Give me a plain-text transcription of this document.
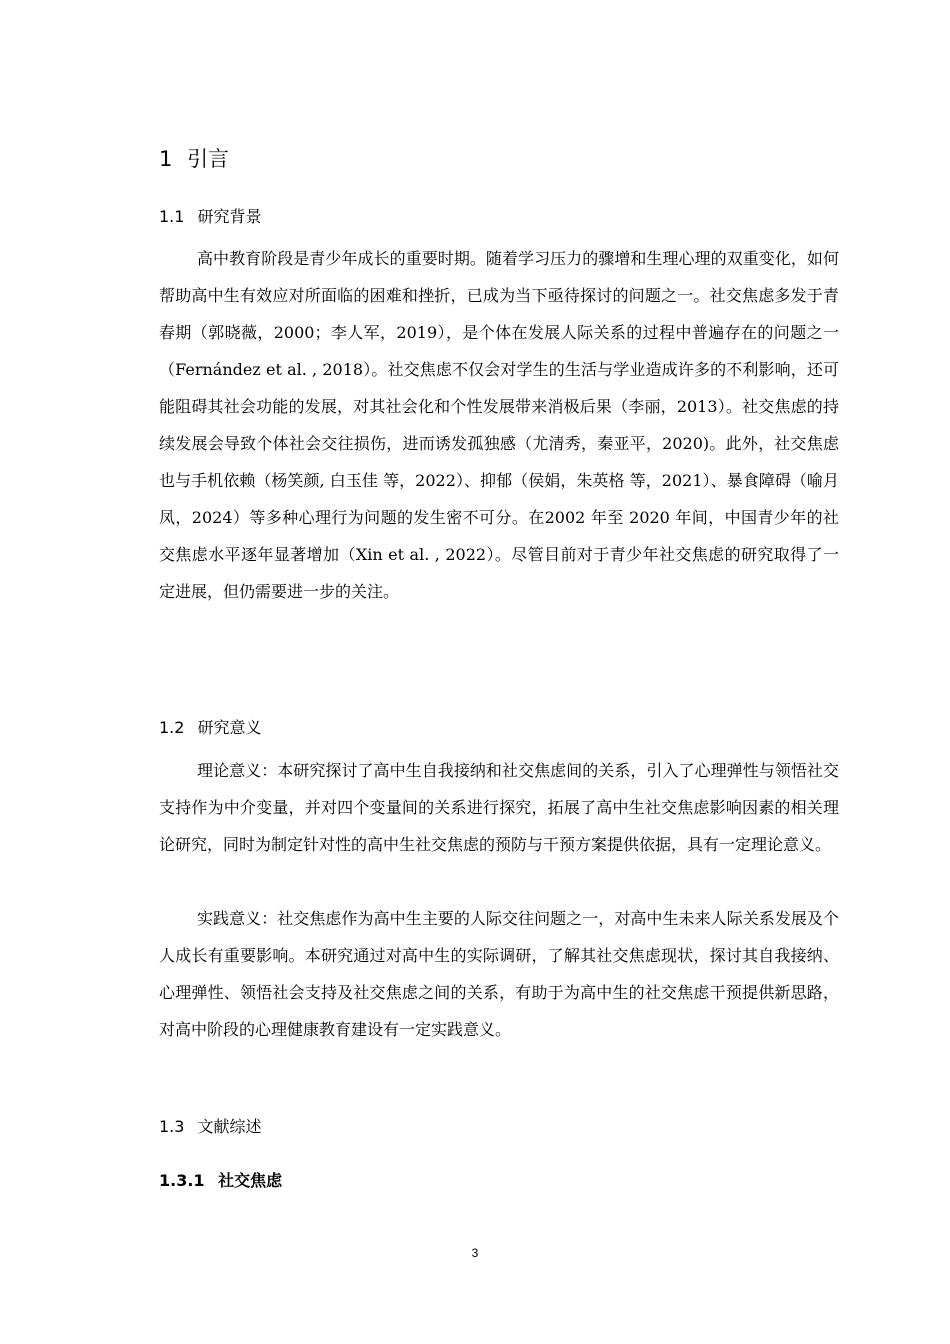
1 引言
1.1 研究背景

高中教育阶段是青少年成长的重要时期。随着学习压力的骤增和生理心理的双重变化，如何帮助高中生有效应对所面临的困难和挫折，已成为当下亟待探讨的问题之一。社交焦虑多发于青春期（郭晓薇，2000；李人军，2019），是个体在发展人际关系的过程中普遍存在的问题之一（Fernández et al. , 2018）。社交焦虑不仅会对学生的生活与学业造成许多的不利影响，还可能阻碍其社会功能的发展，对其社会化和个性发展带来消极后果（李丽，2013）。社交焦虑的持续发展会导致个体社会交往损伤，进而诱发孤独感（尤清秀，秦亚平，2020)。此外，社交焦虑也与手机依赖（杨笑颜, 白玉佳 等，2022）、抑郁（侯娟，朱英格 等，2021）、暴食障碍（喻月凤，2024）等多种心理行为问题的发生密不可分。在2002 年至 2020 年间，中国青少年的社交焦虑水平逐年显著增加（Xin et al. , 2022）。尽管目前对于青少年社交焦虑的研究取得了一定进展，但仍需要进一步的关注。

1.2 研究意义

理论意义：本研究探讨了高中生自我接纳和社交焦虑间的关系，引入了心理弹性与领悟社交支持作为中介变量，并对四个变量间的关系进行探究，拓展了高中生社交焦虑影响因素的相关理论研究，同时为制定针对性的高中生社交焦虑的预防与干预方案提供依据，具有一定理论意义。

实践意义：社交焦虑作为高中生主要的人际交往问题之一，对高中生未来人际关系发展及个人成长有重要影响。本研究通过对高中生的实际调研，了解其社交焦虑现状，探讨其自我接纳、心理弹性、领悟社会支持及社交焦虑之间的关系，有助于为高中生的社交焦虑干预提供新思路，对高中阶段的心理健康教育建设有一定实践意义。

1.3 文献综述
1.3.1 社交焦虑
3
